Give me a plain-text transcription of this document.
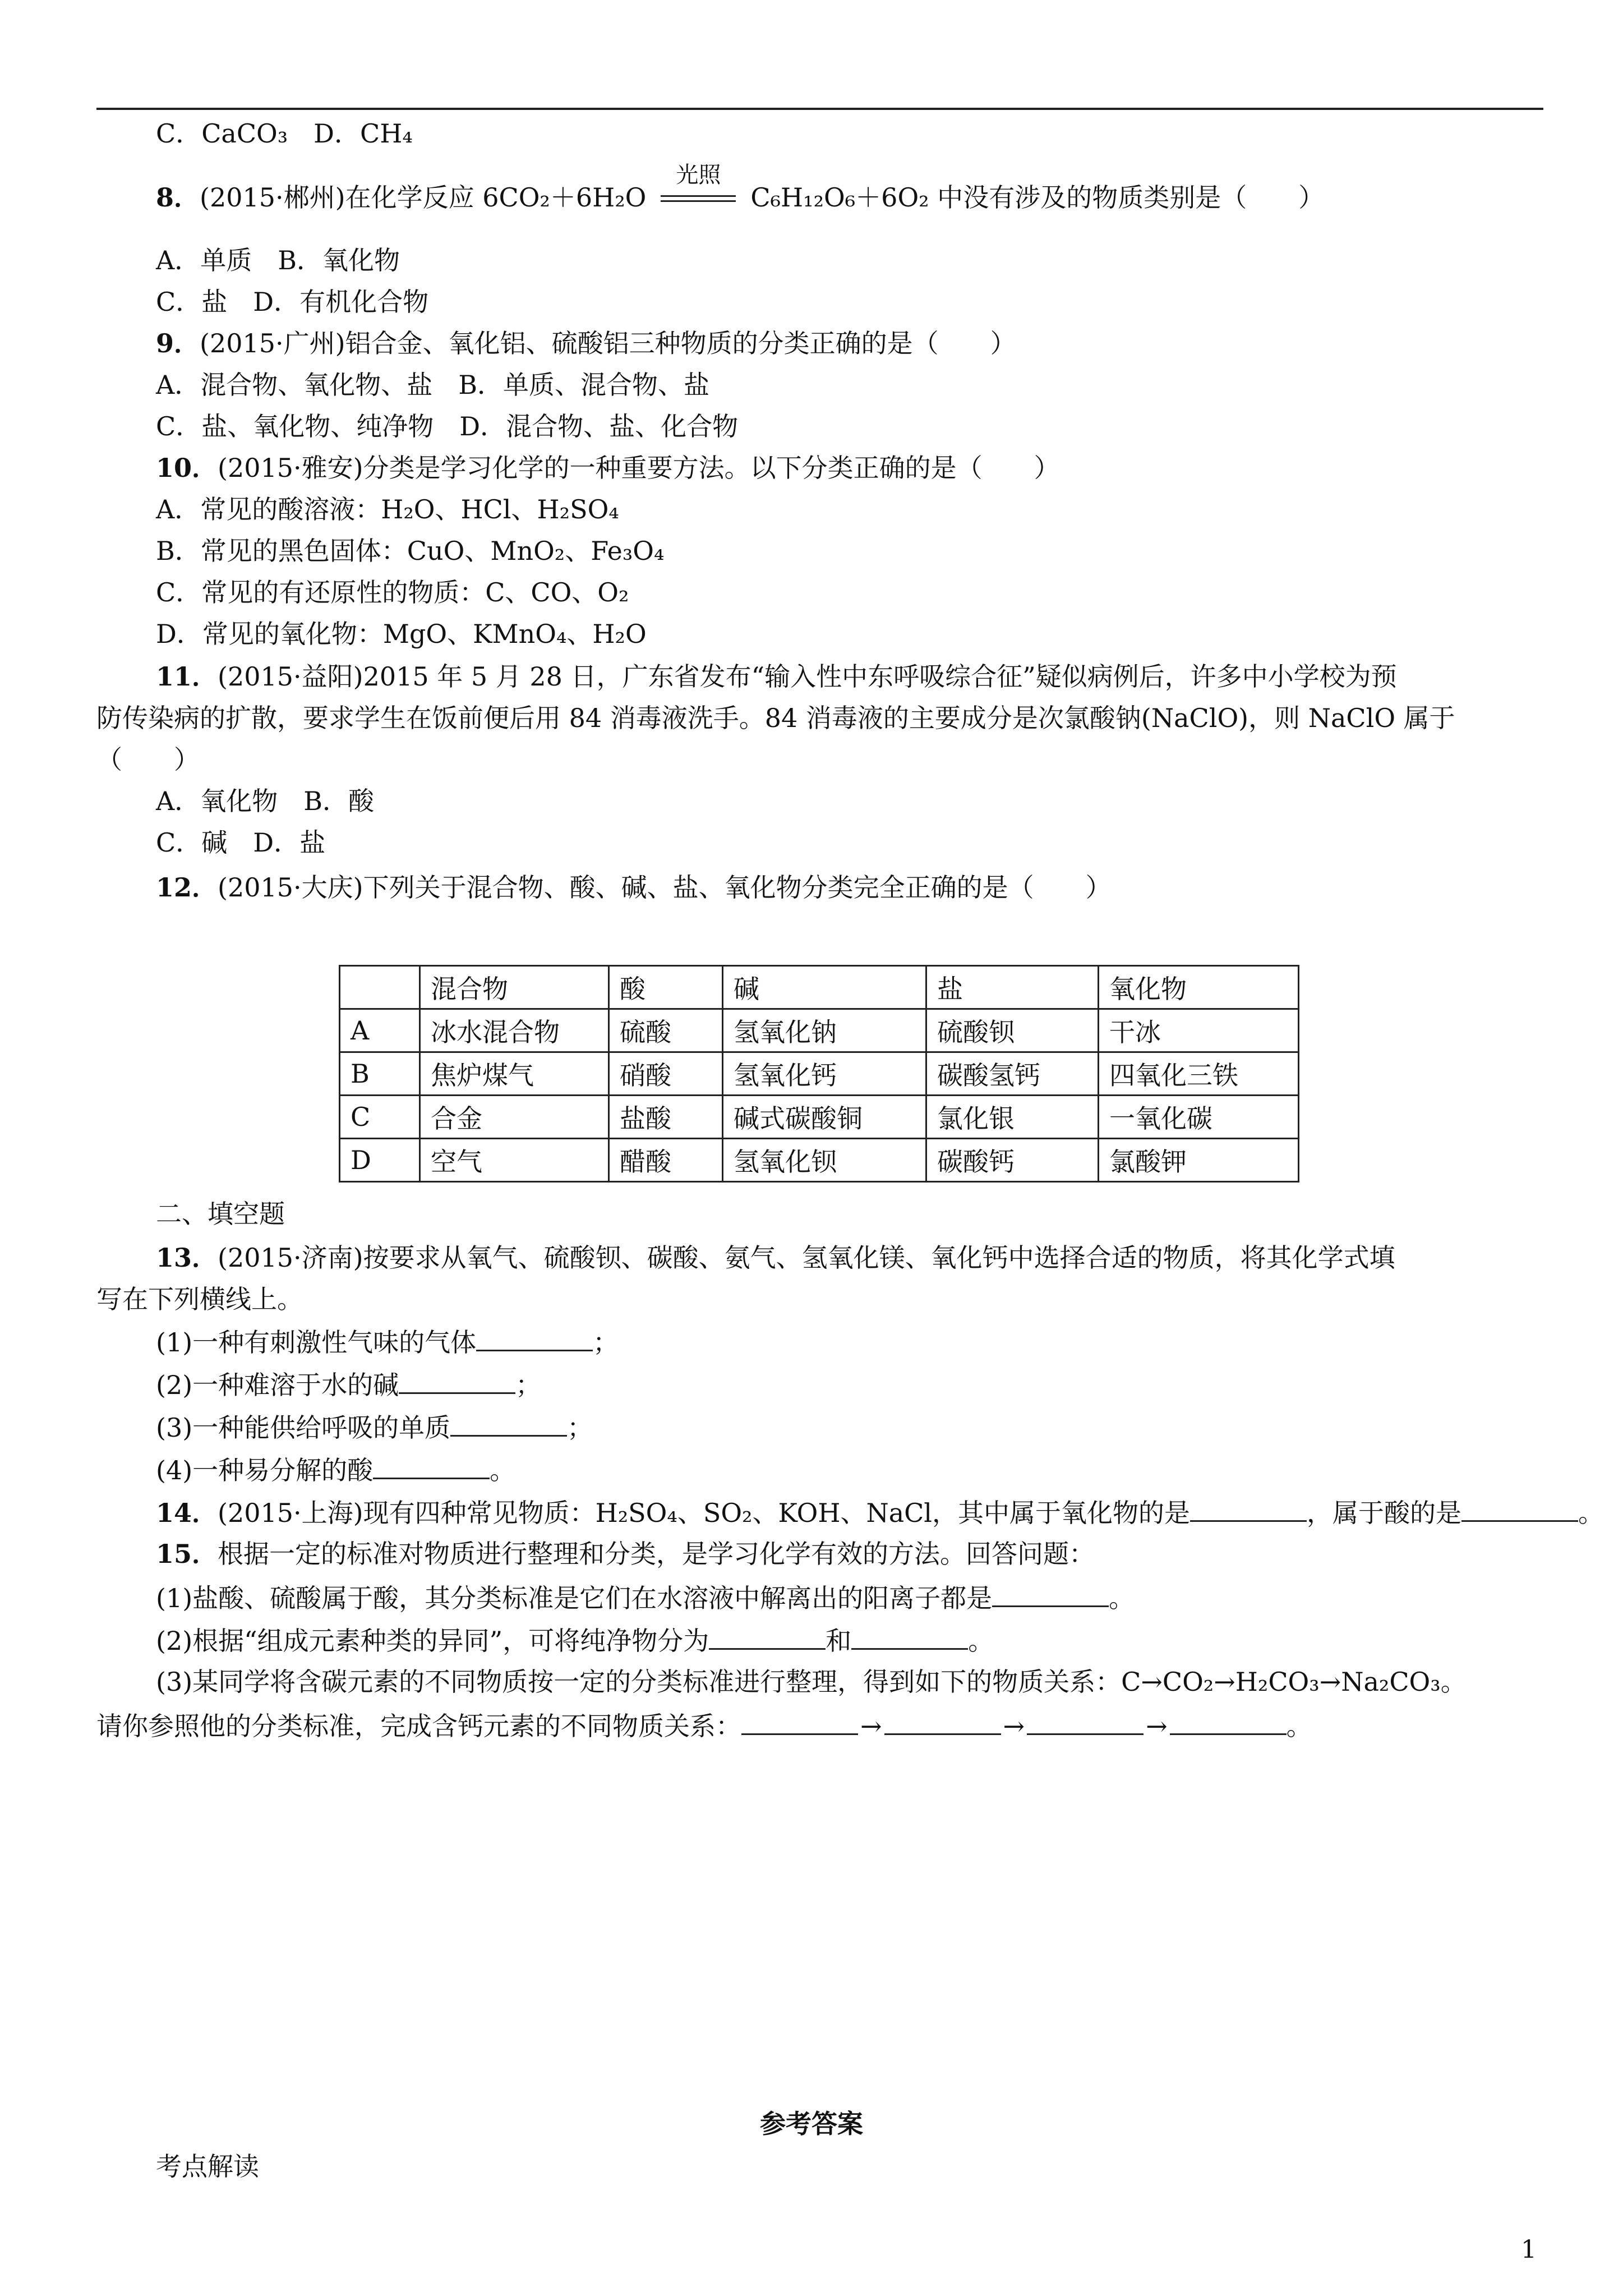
C．CaCO₃　D．CH₄
8．(2015·郴州)在化学反应 6CO₂＋6H₂O
光照
C₆H₁₂O₆＋6O₂ 中没有涉及的物质类别是（　　）
A．单质　B．氧化物
C．盐　D．有机化合物
9．(2015·广州)铝合金、氧化铝、硫酸铝三种物质的分类正确的是（　　）
A．混合物、氧化物、盐　B．单质、混合物、盐
C．盐、氧化物、纯净物　D．混合物、盐、化合物
10．(2015·雅安)分类是学习化学的一种重要方法。以下分类正确的是（　　）
A．常见的酸溶液：H₂O、HCl、H₂SO₄
B．常见的黑色固体：CuO、MnO₂、Fe₃O₄
C．常见的有还原性的物质：C、CO、O₂
D．常见的氧化物：MgO、KMnO₄、H₂O
11．(2015·益阳)2015 年 5 月 28 日，广东省发布“输入性中东呼吸综合征”疑似病例后，许多中小学校为预
防传染病的扩散，要求学生在饭前便后用 84 消毒液洗手。84 消毒液的主要成分是次氯酸钠(NaClO)，则 NaClO 属于
（　　）
A．氧化物　B．酸
C．碱　D．盐
12．(2015·大庆)下列关于混合物、酸、碱、盐、氧化物分类完全正确的是（　　）
	混合物	酸	碱	盐	氧化物
A	冰水混合物	硫酸	氢氧化钠	硫酸钡	干冰
B	焦炉煤气	硝酸	氢氧化钙	碳酸氢钙	四氧化三铁
C	合金	盐酸	碱式碳酸铜	氯化银	一氧化碳
D	空气	醋酸	氢氧化钡	碳酸钙	氯酸钾
二、填空题
13．(2015·济南)按要求从氧气、硫酸钡、碳酸、氨气、氢氧化镁、氧化钙中选择合适的物质，将其化学式填
写在下列横线上。
(1)一种有刺激性气味的气体	；
(2)一种难溶于水的碱	；
(3)一种能供给呼吸的单质	；
(4)一种易分解的酸	。
14．(2015·上海)现有四种常见物质：H₂SO₄、SO₂、KOH、NaCl，其中属于氧化物的是	，属于酸的是	。
15．根据一定的标准对物质进行整理和分类，是学习化学有效的方法。回答问题：
(1)盐酸、硫酸属于酸，其分类标准是它们在水溶液中解离出的阳离子都是	。
(2)根据“组成元素种类的异同”，可将纯净物分为	和	。
(3)某同学将含碳元素的不同物质按一定的分类标准进行整理，得到如下的物质关系：C→CO₂→H₂CO₃→Na₂CO₃。
请你参照他的分类标准，完成含钙元素的不同物质关系：	→	→	→	。
参考答案
考点解读
1
